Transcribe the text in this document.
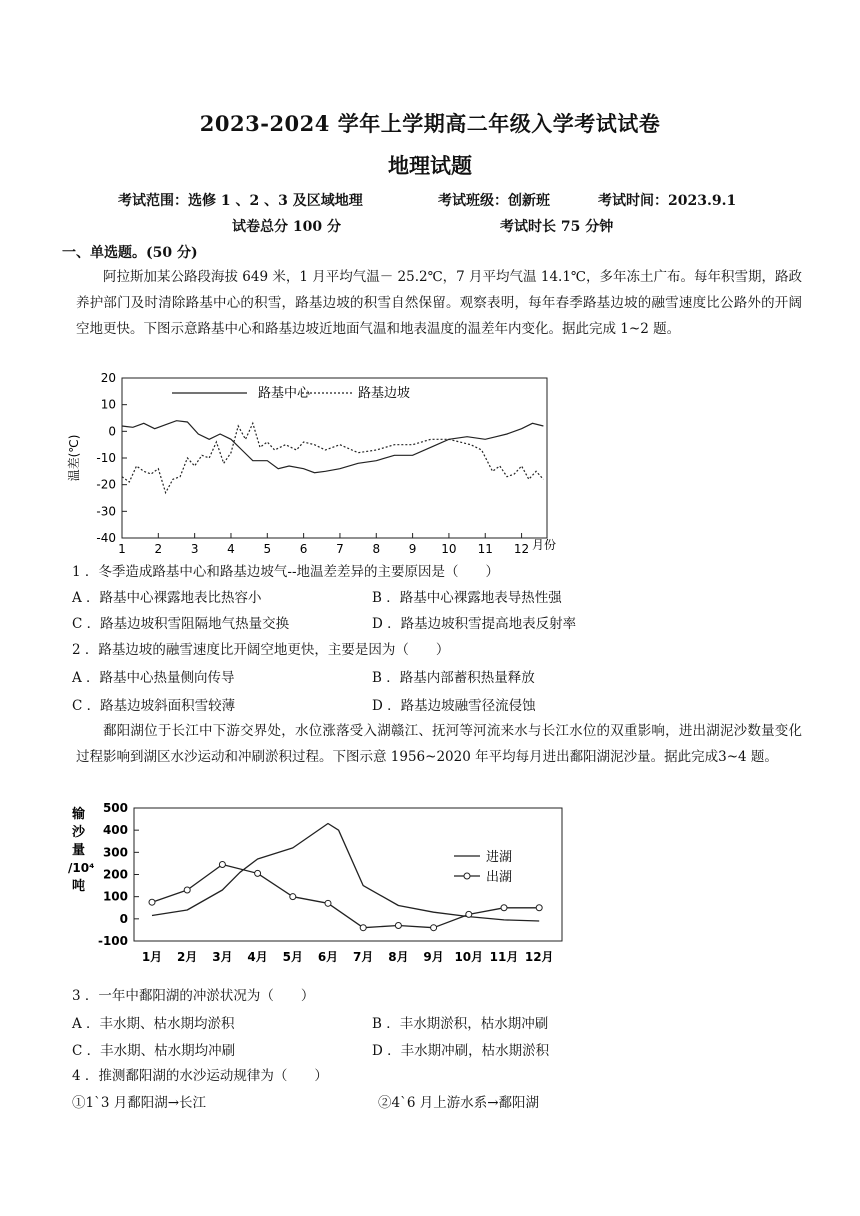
2023-2024 学年上学期高二年级入学考试试卷
地理试题
考试范围：选修 1 、2 、3 及区域地理	考试班级：创新班	考试时间：2023.9.1
试卷总分 100 分	考试时长 75 分钟
一、单选题。(50 分)
阿拉斯加某公路段海拔 649 米，1 月平均气温－ 25.2℃，7 月平均气温 14.1℃，多年冻土广布。每年积雪期，路政养护部门及时清除路基中心的积雪，路基边坡的积雪自然保留。观察表明，每年春季路基边坡的融雪速度比公路外的开阔空地更快。下图示意路基中心和路基边坡近地面气温和地表温度的温差年内变化。据此完成 1~2 题。
20
10
0
-10
-20
-30
-40
1 2 3 4 5 6 7 8 9 10 11 12
路基中心	路基边坡
温差(℃)
月份
1 ．冬季造成路基中心和路基边坡气--地温差差异的主要原因是（　　）
A ．路基中心裸露地表比热容小	B ．路基中心裸露地表导热性强
C ．路基边坡积雪阻隔地气热量交换	D ．路基边坡积雪提高地表反射率
2 ．路基边坡的融雪速度比开阔空地更快，主要是因为（　　）
A ．路基中心热量侧向传导	B ．路基内部蓄积热量释放
C ．路基边坡斜面积雪较薄	D ．路基边坡融雪径流侵蚀
鄱阳湖位于长江中下游交界处，水位涨落受入湖赣江、抚河等河流来水与长江水位的双重影响，进出湖泥沙数量变化过程影响到湖区水沙运动和冲刷淤积过程。下图示意 1956~2020 年平均每月进出鄱阳湖泥沙量。据此完成3~4 题。
输
沙
量
/10⁴
吨
500
400
300
200
100
0
-100
1月 2月 3月 4月 5月 6月 7月 8月 9月 10月 11月 12月
进湖
出湖
3 ．一年中鄱阳湖的冲淤状况为（　　）
A ．丰水期、枯水期均淤积	B ．丰水期淤积，枯水期冲刷
C ．丰水期、枯水期均冲刷	D ．丰水期冲刷，枯水期淤积
4 ．推测鄱阳湖的水沙运动规律为（　　）
①1`3 月鄱阳湖→长江	②4`6 月上游水系→鄱阳湖
